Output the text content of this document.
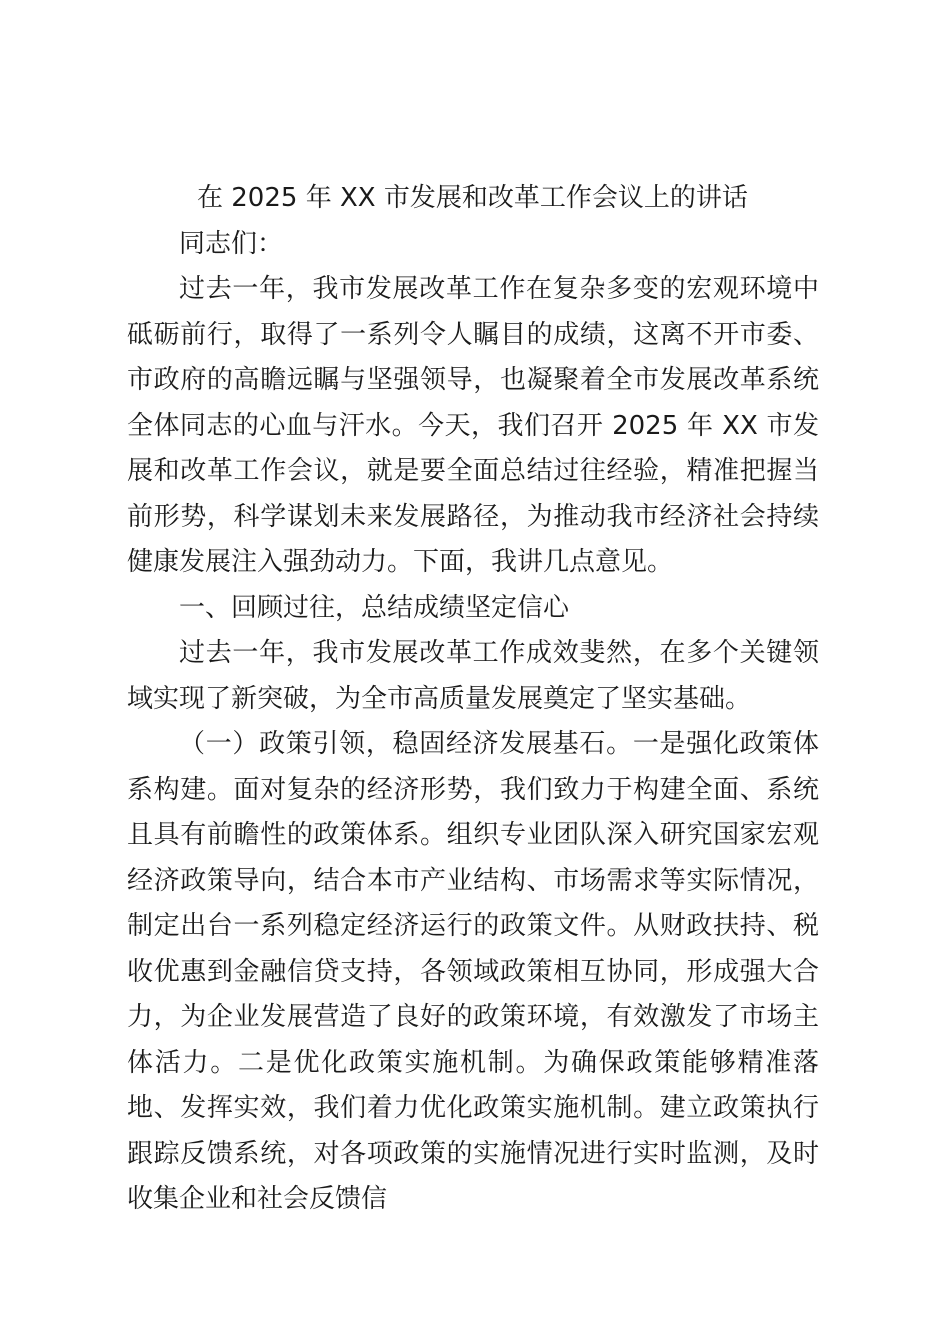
在 2025 年 XX 市发展和改革工作会议上的讲话

同志们：

过去一年，我市发展改革工作在复杂多变的宏观环境中砥砺前行，取得了一系列令人瞩目的成绩，这离不开市委、市政府的高瞻远瞩与坚强领导，也凝聚着全市发展改革系统全体同志的心血与汗水。今天，我们召开 2025 年 XX 市发展和改革工作会议，就是要全面总结过往经验，精准把握当前形势，科学谋划未来发展路径，为推动我市经济社会持续健康发展注入强劲动力。下面，我讲几点意见。

一、回顾过往，总结成绩坚定信心

过去一年，我市发展改革工作成效斐然，在多个关键领域实现了新突破，为全市高质量发展奠定了坚实基础。

（一）政策引领，稳固经济发展基石。一是强化政策体系构建。面对复杂的经济形势，我们致力于构建全面、系统且具有前瞻性的政策体系。组织专业团队深入研究国家宏观经济政策导向，结合本市产业结构、市场需求等实际情况，制定出台一系列稳定经济运行的政策文件。从财政扶持、税收优惠到金融信贷支持，各领域政策相互协同，形成强大合力，为企业发展营造了良好的政策环境，有效激发了市场主体活力。二是优化政策实施机制。为确保政策能够精准落地、发挥实效，我们着力优化政策实施机制。建立政策执行跟踪反馈系统，对各项政策的实施情况进行实时监测，及时收集企业和社会反馈信
